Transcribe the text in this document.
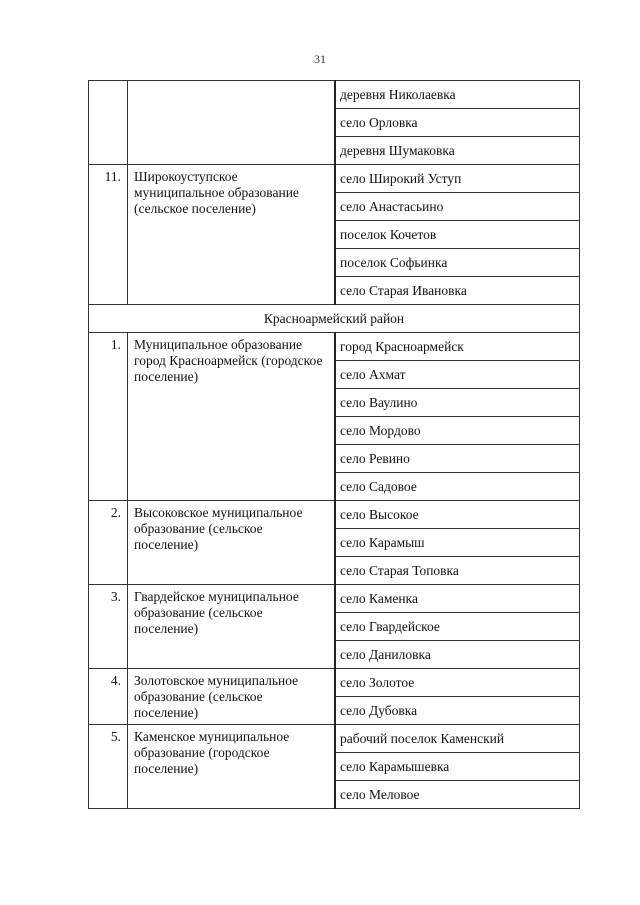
31
		деревня Николаевка
		село Орловка
		деревня Шумаковка

11.	Широкоуступское муниципальное образование (сельское поселение)	село Широкий Уступ
		село Анастасьино
		поселок Кочетов
		поселок Софьинка
		село Старая Ивановка
Красноармейский район		

1.	Муниципальное образование город Красноармейск (городское поселение)	город Красноармейск
		село Ахмат
		село Ваулино
		село Мордово
		село Ревино
		село Садовое

2.	Высоковское муниципальное образование (сельское поселение)	село Высокое
		село Карамыш
		село Старая Топовка

3.	Гвардейское муниципальное образование (сельское поселение)	село Каменка
		село Гвардейское
		село Даниловка

4.	Золотовское муниципальное образование (сельское поселение)	село Золотое
		село Дубовка

5.	Каменское муниципальное образование (городское поселение)	рабочий поселок Каменский
		село Карамышевка
		село Меловое
